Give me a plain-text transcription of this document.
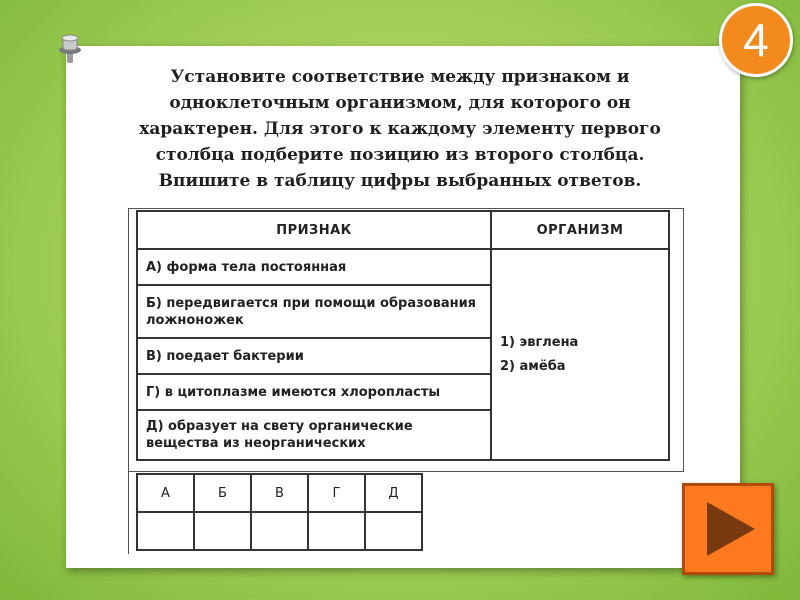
4
Установите соответствие между признаком и
одноклеточным организмом, для которого он
характерен. Для этого к каждому элементу первого
столбца подберите позицию из второго столбца.
Впишите в таблицу цифры выбранных ответов.
ПРИЗНАК	ОРГАНИЗМ
А) форма тела постоянная	1) эвглена
2) амёба

Б) передвигается при помощи образования ложноножек	
В) поедает бактерии	
Г) в цитоплазме имеются хлоропласты	
Д) образует на свету органические вещества из неорганических	
А	Б	В	Г	Д
